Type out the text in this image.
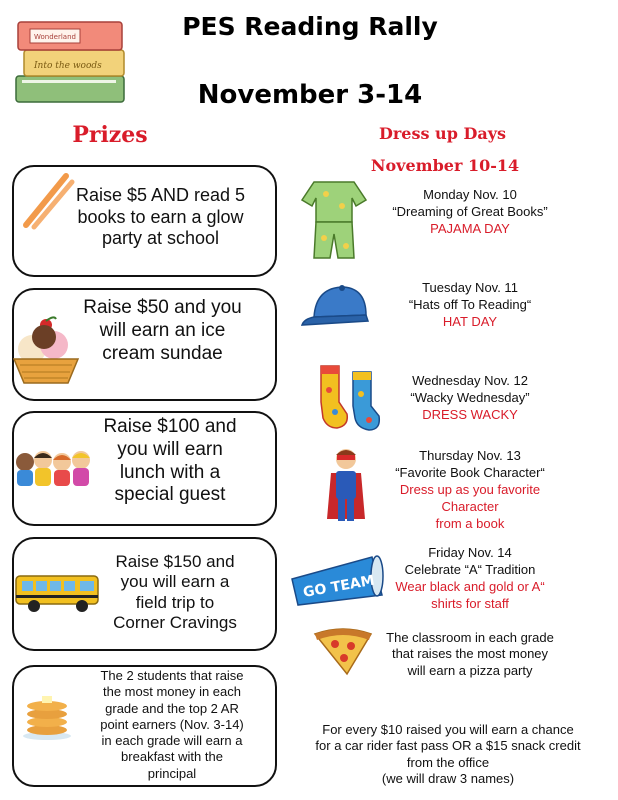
Into the woods
Wonderland	PES Reading Rally
November 3-14
Prizes	Dress up Days
November 10-14
Raise $5 AND read 5
books to earn a glow
party at school
Raise $50 and you
will earn an ice
cream sundae
Raise $100 and
you will earn
lunch with a
special guest
Raise $150 and
you will earn a
field trip to
Corner Cravings
The 2 students that raise
the most money in each
grade and the top 2 AR
point earners (Nov. 3-14)
in each grade will earn a
breakfast with the
principal
Monday Nov. 10
“Dreaming of Great Books”
PAJAMA DAY
Tuesday Nov. 11
“Hats off To Reading“
HAT DAY
Wednesday Nov. 12
“Wacky Wednesday”
DRESS WACKY
Thursday Nov. 13
“Favorite Book Character“
Dress up as you favorite
Character
from a book
GO TEAM
Friday Nov. 14
Celebrate “A“ Tradition
Wear black and gold or A“
shirts for staff
The classroom in each grade
that raises the most money
will earn a pizza party
For every $10 raised you will earn a chance
for a car rider fast pass OR a $15 snack credit
from the office
(we will draw 3 names)
